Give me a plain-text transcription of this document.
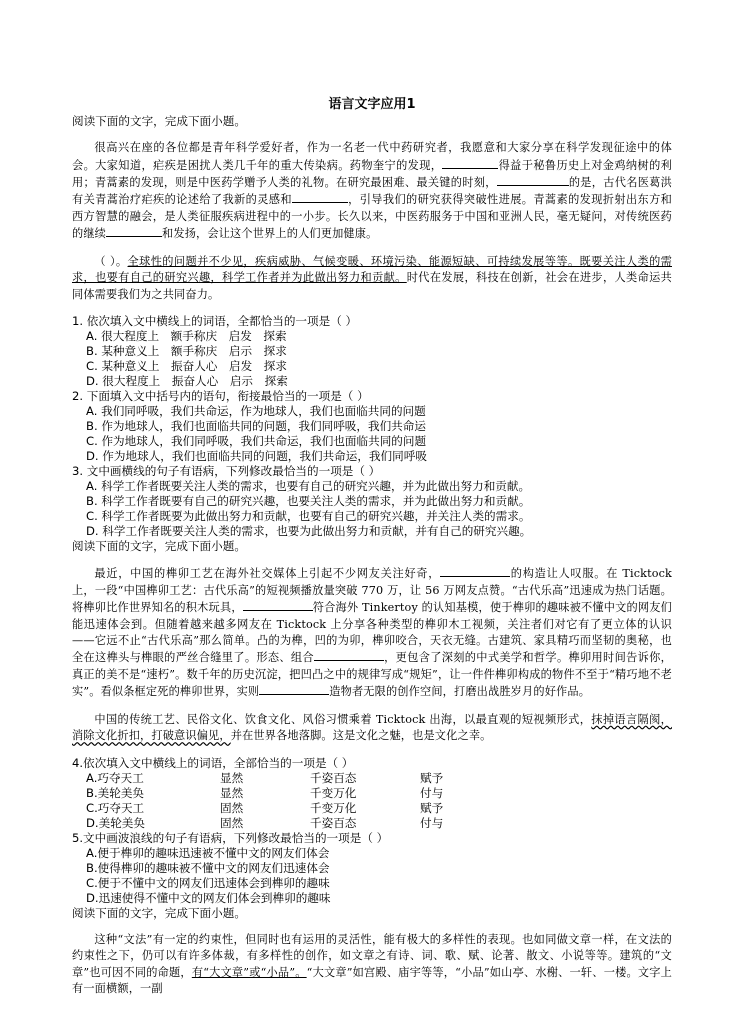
语言文字应用1
阅读下面的文字，完成下面小题。

很高兴在座的各位都是青年科学爱好者，作为一名老一代中药研究者，我愿意和大家分享在科学发现征途中的体会。大家知道，疟疾是困扰人类几千年的重大传染病。药物奎宁的发现，	得益于秘鲁历史上对金鸡纳树的利用；青蒿素的发现，则是中医药学赠予人类的礼物。在研究最困难、最关键的时刻，	的是，古代名医葛洪有关青蒿治疗疟疾的论述给了我新的灵感和	，引导我们的研究获得突破性进展。青蒿素的发现折射出东方和西方智慧的融会，是人类征服疾病进程中的一小步。长久以来，中医药服务于中国和亚洲人民，毫无疑问，对传统医药的继续	和发扬，会让这个世界上的人们更加健康。

（ ）。全球性的问题并不少见，疾病威胁、气候变暖、环境污染、能源短缺、可持续发展等等。既要关注人类的需求，也要有自己的研究兴趣，科学工作者并为此做出努力和贡献。时代在发展，科技在创新，社会在进步，人类命运共同体需要我们为之共同奋力。

1. 依次填入文中横线上的词语，全都恰当的一项是（ ）
A. 很大程度上　额手称庆　启发　探索
B. 某种意义上　额手称庆　启示　探求
C. 某种意义上　振奋人心　启发　探求
D. 很大程度上　振奋人心　启示　探索
2. 下面填入文中括号内的语句，衔接最恰当的一项是（ ）
A. 我们同呼吸，我们共命运，作为地球人，我们也面临共同的问题
B. 作为地球人，我们也面临共同的问题，我们同呼吸，我们共命运
C. 作为地球人，我们同呼吸，我们共命运，我们也面临共同的问题
D. 作为地球人，我们也面临共同的问题，我们共命运，我们同呼吸
3. 文中画横线的句子有语病，下列修改最恰当的一项是（ ）
A. 科学工作者既要关注人类的需求，也要有自己的研究兴趣，并为此做出努力和贡献。
B. 科学工作者既要有自己的研究兴趣，也要关注人类的需求，并为此做出努力和贡献。
C. 科学工作者既要为此做出努力和贡献，也要有自己的研究兴趣，并关注人类的需求。
D. 科学工作者既要关注人类的需求，也要为此做出努力和贡献，并有自己的研究兴趣。
阅读下面的文字，完成下面小题。

最近，中国的榫卯工艺在海外社交媒体上引起不少网友关注好奇，	的构造让人叹服。在 Ticktock 上，一段“中国榫卯工艺：古代乐高”的短视频播放量突破 770 万，让 56 万网友点赞。“古代乐高”迅速成为热门话题。将榫卯比作世界知名的积木玩具，	符合海外 Tinkertoy 的认知基模，使于榫卯的趣味被不懂中文的网友们能迅速体会到。但随着越来越多网友在 Ticktock 上分享各种类型的榫卯木工视频，关注者们对它有了更立体的认识——它远不止“古代乐高”那么简单。凸的为榫，凹的为卯，榫卯咬合，天衣无缝。古建筑、家具精巧而坚韧的奥秘，也全在这榫头与榫眼的严丝合缝里了。形态、组合	，更包含了深刻的中式美学和哲学。榫卯用时间告诉你，真正的美不是“速朽”。数千年的历史沉淀，把凹凸之中的规律写成“规矩”，让一件件榫卯构成的物件不至于“精巧地不老实”。看似条框定死的榫卯世界，实则	造物者无限的创作空间，打磨出战胜岁月的好作品。

中国的传统工艺、民俗文化、饮食文化、风俗习惯乘着 Ticktock 出海，以最直观的短视频形式，抹掉语言隔阂，消除文化折扣，打破意识偏见，并在世界各地落脚。这是文化之魅，也是文化之幸。

4.依次填入文中横线上的词语，全部恰当的一项是（ ）
A.巧夺天工	显然	千姿百态	赋予
B.美轮美奂	显然	千变万化	付与
C.巧夺天工	固然	千变万化	赋予
D.美轮美奂	固然	千姿百态	付与
5.文中画波浪线的句子有语病，下列修改最恰当的一项是（ ）
A.便于榫卯的趣味迅速被不懂中文的网友们体会
B.使得榫卯的趣味被不懂中文的网友们迅速体会
C.便于不懂中文的网友们迅速体会到榫卯的趣味
D.迅速使得不懂中文的网友们体会到榫卯的趣味
阅读下面的文字，完成下面小题。

这种“文法”有一定的约束性，但同时也有运用的灵活性，能有极大的多样性的表现。也如同做文章一样，在文法的约束性之下，仍可以有许多体裁，有多样性的创作，如文章之有诗、词、歌、赋、论著、散文、小说等等。建筑的“文章”也可因不同的命题，有“大文章”或“小品”。“大文章”如宫殿、庙宇等等，“小品”如山亭、水榭、一轩、一楼。文字上有一面横额，一副
